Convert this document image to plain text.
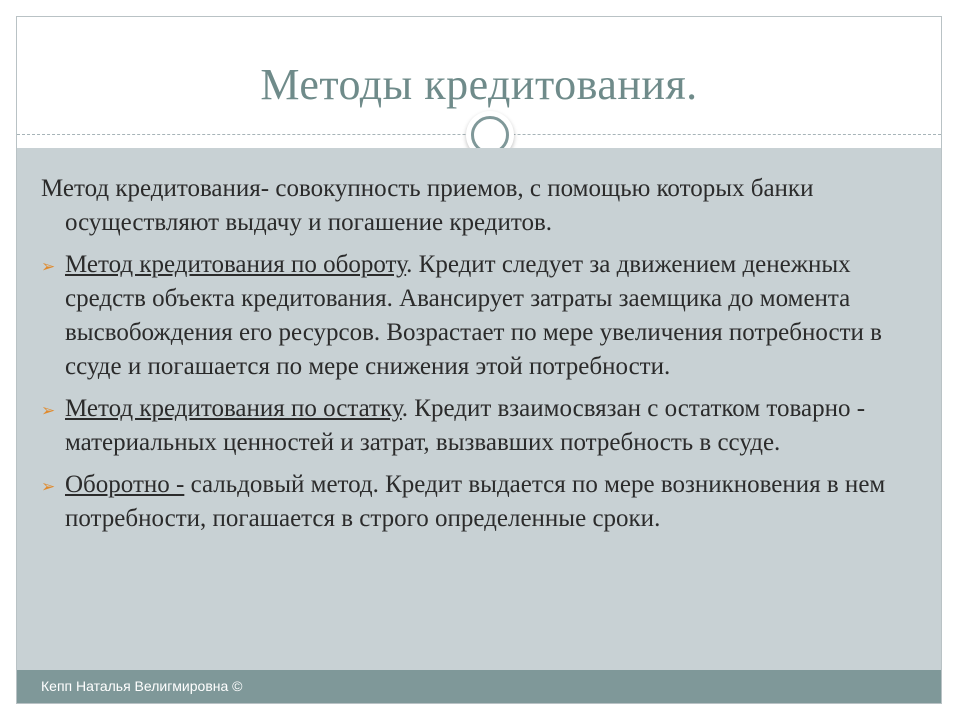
Методы кредитования.

Метод кредитования- совокупность приемов, с помощью которых банки осуществляют выдачу и погашение кредитов.

➢ Метод кредитования по обороту. Кредит следует за движением денежных средств объекта кредитования. Авансирует затраты заемщика до момента высвобождения его ресурсов. Возрастает по мере увеличения потребности в ссуде и погашается по мере снижения этой потребности.
➢ Метод кредитования по остатку. Кредит взаимосвязан с остатком товарно - материальных ценностей и затрат, вызвавших потребность в ссуде.
➢ Оборотно - сальдовый метод. Кредит выдается по мере возникновения в нем потребности, погашается в строго определенные сроки.
Кепп Наталья Велигмировна ©
